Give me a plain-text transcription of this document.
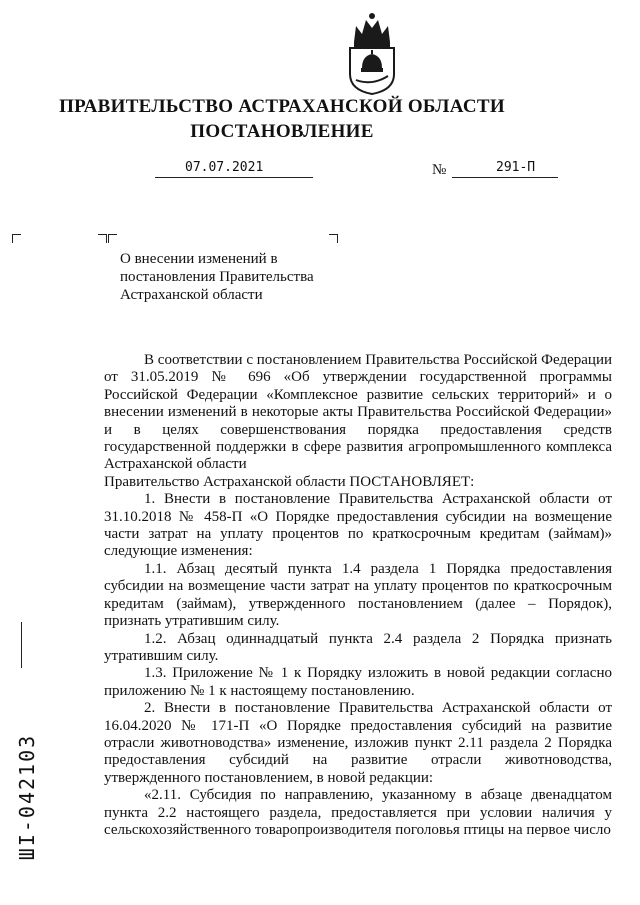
ПРАВИТЕЛЬСТВО АСТРАХАНСКОЙ ОБЛАСТИ
ПОСТАНОВЛЕНИЕ
07.07.2021	№	291-П
О внесении изменений в постановления Правительства Астраханской области

В соответствии с постановлением Правительства Российской Федерации от 31.05.2019 № 696 «Об утверждении государственной программы Российской Федерации «Комплексное развитие сельских территорий» и о внесении изменений в некоторые акты Правительства Российской Федерации» и в целях совершенствования порядка предоставления средств государственной поддержки в сфере развития агропромышленного комплекса Астраханской области

Правительство Астраханской области ПОСТАНОВЛЯЕТ:

1. Внести в постановление Правительства Астраханской области от 31.10.2018 № 458-П «О Порядке предоставления субсидии на возмещение части затрат на уплату процентов по краткосрочным кредитам (займам)» следующие изменения:

1.1. Абзац десятый пункта 1.4 раздела 1 Порядка предоставления субсидии на возмещение части затрат на уплату процентов по краткосрочным кредитам (займам), утвержденного постановлением (далее – Порядок), признать утратившим силу.

1.2. Абзац одиннадцатый пункта 2.4 раздела 2 Порядка признать утратившим силу.

1.3. Приложение № 1 к Порядку изложить в новой редакции согласно приложению № 1 к настоящему постановлению.

2. Внести в постановление Правительства Астраханской области от 16.04.2020 № 171-П «О Порядке предоставления субсидий на развитие отрасли животноводства» изменение, изложив пункт 2.11 раздела 2 Порядка предоставления субсидий на развитие отрасли животноводства, утвержденного постановлением, в новой редакции:

«2.11. Субсидия по направлению, указанному в абзаце двенадцатом пункта 2.2 настоящего раздела, предоставляется при условии наличия у сельскохозяйственного товаропроизводителя поголовья птицы на первое число

ШI-042103
